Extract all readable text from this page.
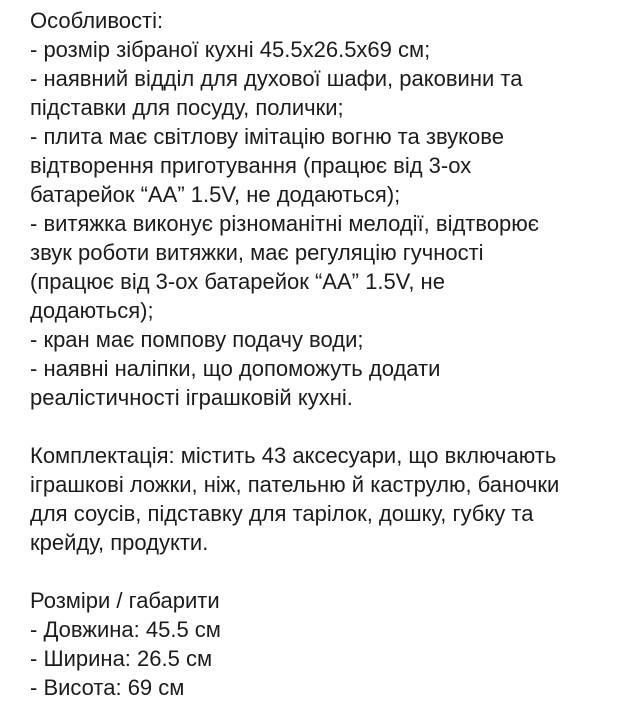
Особливості:
- розмір зібраної кухні 45.5х26.5х69 см;
- наявний відділ для духової шафи, раковини та
підставки для посуду, полички;
- плита має світлову імітацію вогню та звукове
відтворення приготування (працює від 3-ох
батарейок “АА” 1.5V, не додаються);
- витяжка виконує різноманітні мелодії, відтворює
звук роботи витяжки, має регуляцію гучності
(працює від 3-ох батарейок “АА” 1.5V, не
додаються);
- кран має помпову подачу води;
- наявні наліпки, що допоможуть додати
реалістичності іграшковій кухні.
Комплектація: містить 43 аксесуари, що включають
іграшкові ложки, ніж, пательню й каструлю, баночки
для соусів, підставку для тарілок, дошку, губку та
крейду, продукти.
Розміри / габарити
- Довжина: 45.5 см
- Ширина: 26.5 см
- Висота: 69 см
